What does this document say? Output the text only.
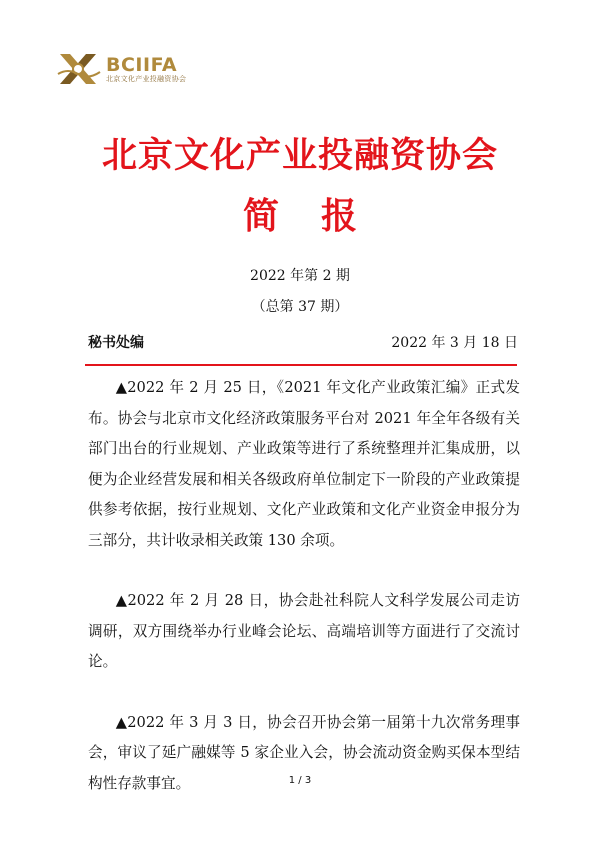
BCIIFA
北京文化产业投融资协会
北京文化产业投融资协会
简报
2022 年第 2 期
（总第 37 期）
秘书处编	2022 年 3 月 18 日

▲2022 年 2 月 25 日，《2021 年文化产业政策汇编》正式发布。协会与北京市文化经济政策服务平台对 2021 年全年各级有关部门出台的行业规划、产业政策等进行了系统整理并汇集成册，以便为企业经营发展和相关各级政府单位制定下一阶段的产业政策提供参考依据，按行业规划、文化产业政策和文化产业资金申报分为三部分，共计收录相关政策 130 余项。

▲2022 年 2 月 28 日，协会赴社科院人文科学发展公司走访调研，双方围绕举办行业峰会论坛、高端培训等方面进行了交流讨论。

▲2022 年 3 月 3 日，协会召开协会第一届第十九次常务理事会，审议了延广融媒等 5 家企业入会，协会流动资金购买保本型结构性存款事宜。	1 / 3
